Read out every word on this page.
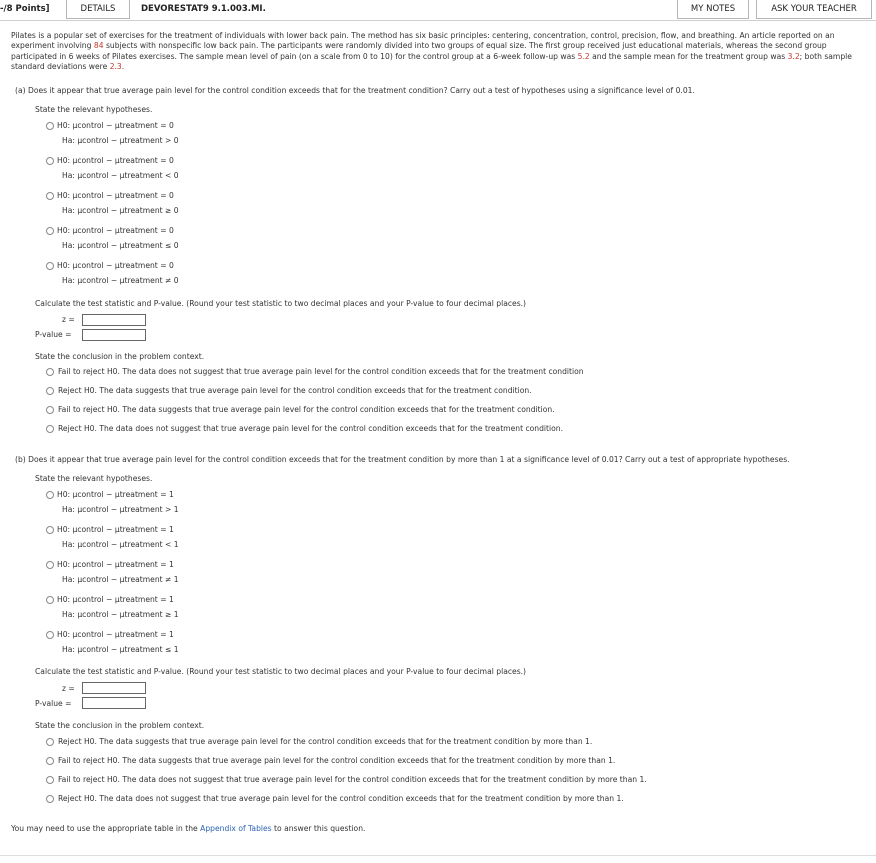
-/8 Points]	DETAILS	DEVORESTAT9 9.1.003.MI.	MY NOTES	ASK YOUR TEACHER
Pilates is a popular set of exercises for the treatment of individuals with lower back pain. The method has six basic principles: centering, concentration, control, precision, flow, and breathing. An article reported on an experiment involving 84 subjects with nonspecific low back pain. The participants were randomly divided into two groups of equal size. The first group received just educational materials, whereas the second group participated in 6 weeks of Pilates exercises. The sample mean level of pain (on a scale from 0 to 10) for the control group at a 6-week follow-up was 5.2 and the sample mean for the treatment group was 3.2; both sample standard deviations were 2.3.
(a) Does it appear that true average pain level for the control condition exceeds that for the treatment condition? Carry out a test of hypotheses using a significance level of 0.01.
State the relevant hypotheses.
H0: μcontrol − μtreatment = 0
Ha: μcontrol − μtreatment > 0
H0: μcontrol − μtreatment = 0
Ha: μcontrol − μtreatment < 0
H0: μcontrol − μtreatment = 0
Ha: μcontrol − μtreatment ≥ 0
H0: μcontrol − μtreatment = 0
Ha: μcontrol − μtreatment ≤ 0
H0: μcontrol − μtreatment = 0
Ha: μcontrol − μtreatment ≠ 0
Calculate the test statistic and P-value. (Round your test statistic to two decimal places and your P-value to four decimal places.)
z =
P-value =
State the conclusion in the problem context.
Fail to reject H0. The data does not suggest that true average pain level for the control condition exceeds that for the treatment condition
Reject H0. The data suggests that true average pain level for the control condition exceeds that for the treatment condition.
Fail to reject H0. The data suggests that true average pain level for the control condition exceeds that for the treatment condition.
Reject H0. The data does not suggest that true average pain level for the control condition exceeds that for the treatment condition.
(b) Does it appear that true average pain level for the control condition exceeds that for the treatment condition by more than 1 at a significance level of 0.01? Carry out a test of appropriate hypotheses.
State the relevant hypotheses.
H0: μcontrol − μtreatment = 1
Ha: μcontrol − μtreatment > 1
H0: μcontrol − μtreatment = 1
Ha: μcontrol − μtreatment < 1
H0: μcontrol − μtreatment = 1
Ha: μcontrol − μtreatment ≠ 1
H0: μcontrol − μtreatment = 1
Ha: μcontrol − μtreatment ≥ 1
H0: μcontrol − μtreatment = 1
Ha: μcontrol − μtreatment ≤ 1
Calculate the test statistic and P-value. (Round your test statistic to two decimal places and your P-value to four decimal places.)
z =
P-value =
State the conclusion in the problem context.
Reject H0. The data suggests that true average pain level for the control condition exceeds that for the treatment condition by more than 1.
Fail to reject H0. The data suggests that true average pain level for the control condition exceeds that for the treatment condition by more than 1.
Fail to reject H0. The data does not suggest that true average pain level for the control condition exceeds that for the treatment condition by more than 1.
Reject H0. The data does not suggest that true average pain level for the control condition exceeds that for the treatment condition by more than 1.
You may need to use the appropriate table in the Appendix of Tables to answer this question.
